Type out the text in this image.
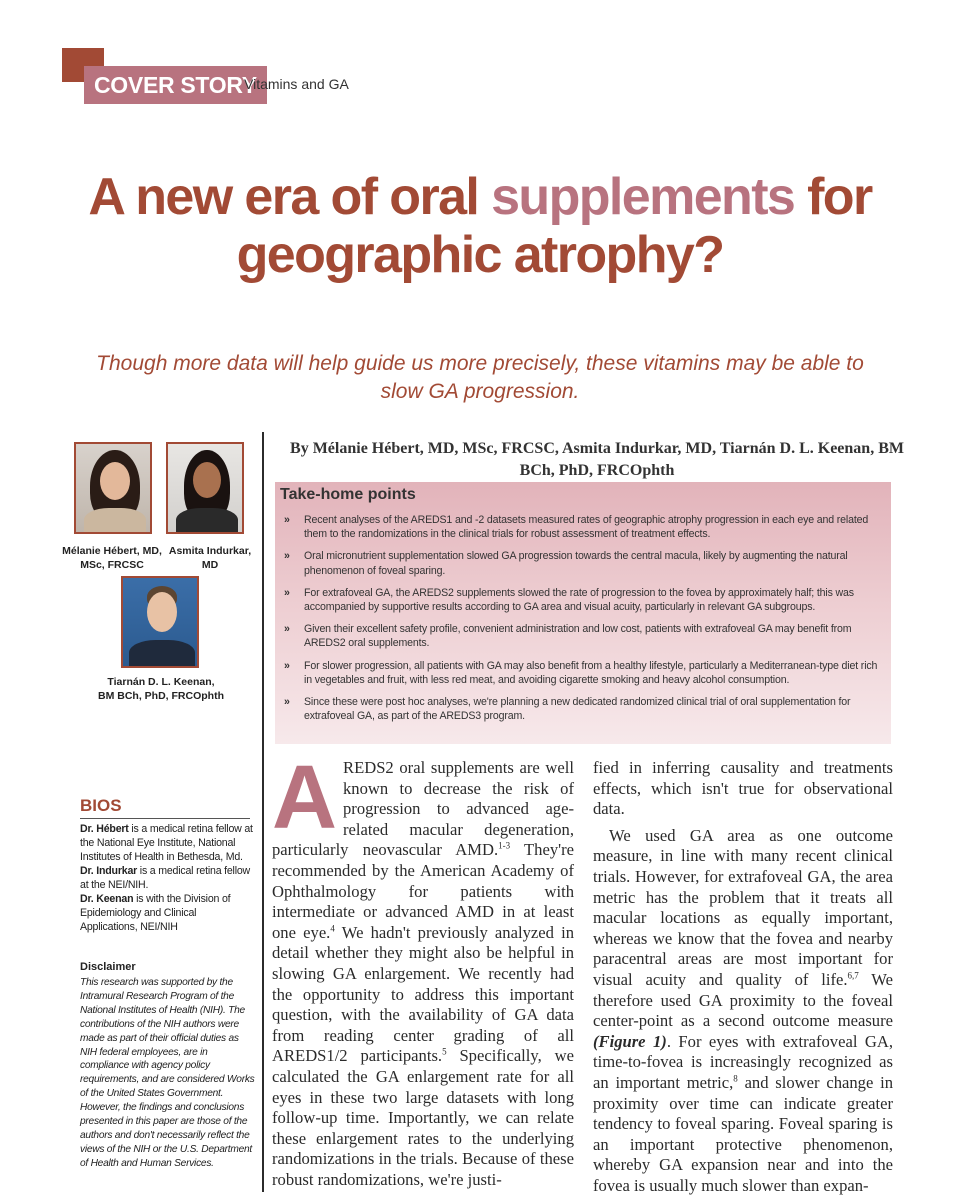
COVER STORY
Vitamins and GA
A new era of oral supplements for geographic atrophy?
Though more data will help guide us more precisely, these vitamins may be able to slow GA progression.
By Mélanie Hébert, MD, MSc, FRCSC, Asmita Indurkar, MD, Tiarnán D. L. Keenan, BM BCh, PhD, FRCOphth
Mélanie Hébert, MD,
MSc, FRCSC
Asmita Indurkar, MD
Tiarnán D. L. Keenan,
BM BCh, PhD, FRCOphth
Take-home points
» Recent analyses of the AREDS1 and -2 datasets measured rates of geographic atrophy progression in each eye and related them to the randomizations in the clinical trials for robust assessment of treatment effects.
» Oral micronutrient supplementation slowed GA progression towards the central macula, likely by augmenting the natural phenomenon of foveal sparing.
» For extrafoveal GA, the AREDS2 supplements slowed the rate of progression to the fovea by approximately half; this was accompanied by supportive results according to GA area and visual acuity, particularly in relevant GA subgroups.
» Given their excellent safety profile, convenient administration and low cost, patients with extrafoveal GA may benefit from AREDS2 oral supplements.
» For slower progression, all patients with GA may also benefit from a healthy lifestyle, particularly a Mediterranean-type diet rich in vegetables and fruit, with less red meat, and avoiding cigarette smoking and heavy alcohol consumption.
» Since these were post hoc analyses, we're planning a new dedicated randomized clinical trial of oral supplementation for extrafoveal GA, as part of the AREDS3 program.
BIOS

Dr. Hébert is a medical retina fellow at the National Eye Institute, National Institutes of Health in Bethesda, Md.

Dr. Indurkar is a medical retina fellow at the NEI/NIH.

Dr. Keenan is with the Division of Epidemiology and Clinical Applications, NEI/NIH

Disclaimer
This research was supported by the Intramural Research Program of the National Institutes of Health (NIH). The contributions of the NIH authors were made as part of their official duties as NIH federal employees, are in compliance with agency policy requirements, and are considered Works of the United States Government. However, the findings and conclusions presented in this paper are those of the authors and don't necessarily reflect the views of the NIH or the U.S. Department of Health and Human Services.

AREDS2 oral supplements are well known to decrease the risk of progression to advanced age-related macular degeneration, particularly neovascular AMD.$^{1-3}$ They're recommended by the American Academy of Ophthalmology for patients with intermediate or advanced AMD in at least one eye.$^4$ We hadn't previously analyzed in detail whether they might also be helpful in slowing GA enlargement. We recently had the opportunity to address this important question, with the availability of GA data from reading center grading of all AREDS1/2 participants.$^5$ Specifically, we calculated the GA enlargement rate for all eyes in these two large datasets with long follow-up time. Importantly, we can relate these enlargement rates to the underlying randomizations in the trials. Because of these robust randomizations, we're justi-

fied in inferring causality and treatments effects, which isn't true for observational data.

We used GA area as one outcome measure, in line with many recent clinical trials. However, for extrafoveal GA, the area metric has the problem that it treats all macular locations as equally important, whereas we know that the fovea and nearby paracentral areas are most important for visual acuity and quality of life.$^{6,7}$ We therefore used GA proximity to the foveal center-point as a second outcome measure (Figure 1). For eyes with extrafoveal GA, time-to-fovea is increasingly recognized as an important metric,$^8$ and slower change in proximity over time can indicate greater tendency to foveal sparing. Foveal sparing is an important protective phenomenon, whereby GA expansion near and into the fovea is usually much slower than expan-
